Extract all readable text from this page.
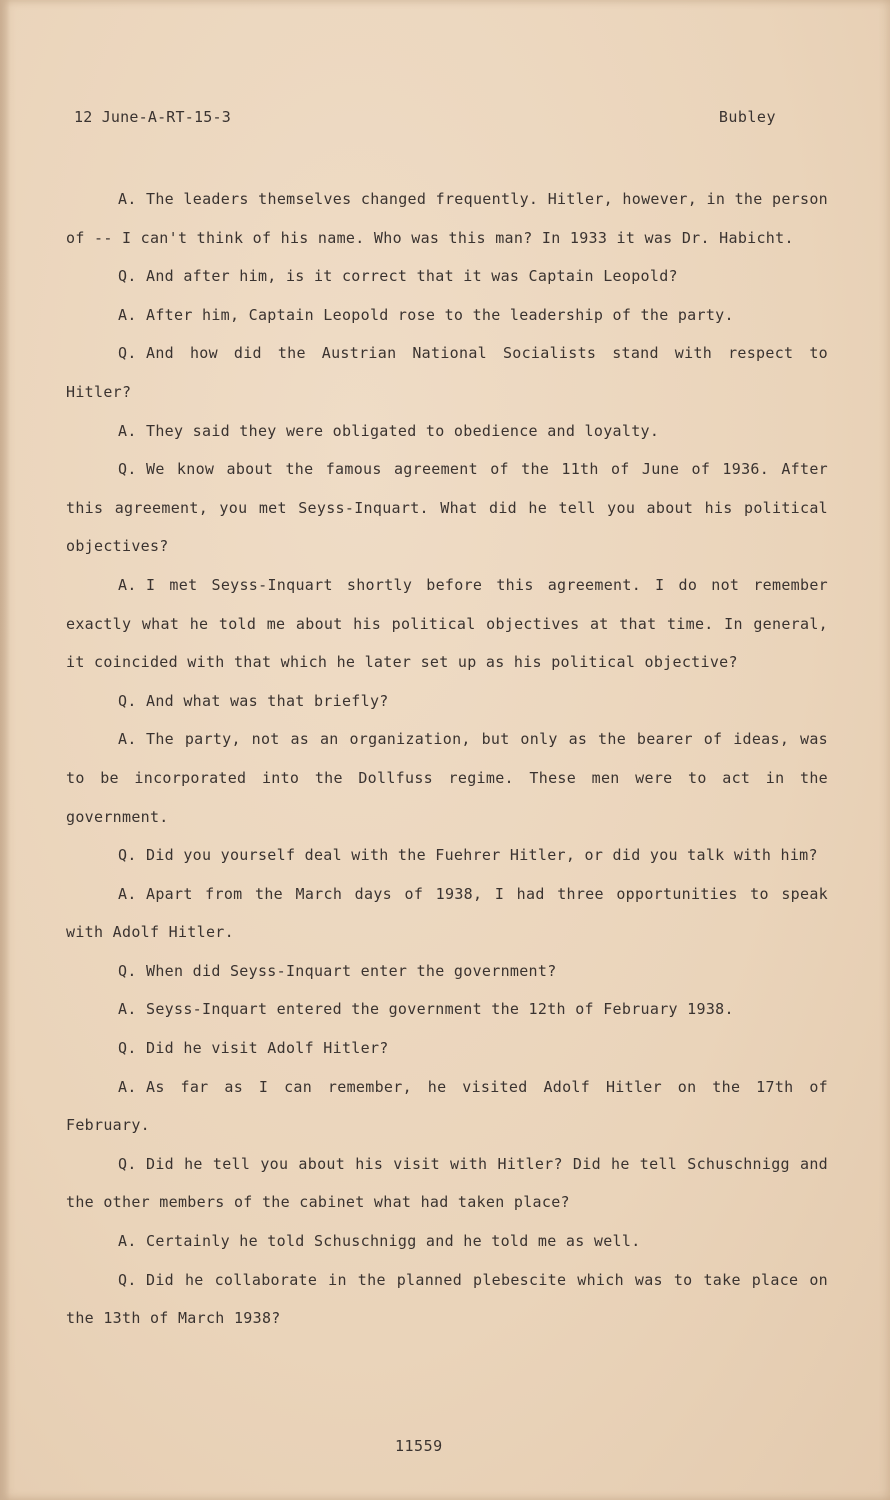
12 June-A-RT-15-3	Bubley

A. The leaders themselves changed frequently. Hitler, however, in the person of -- I can't think of his name. Who was this man? In 1933 it was Dr. Habicht.

Q. And after him, is it correct that it was Captain Leopold?

A. After him, Captain Leopold rose to the leadership of the party.

Q. And how did the Austrian National Socialists stand with respect to Hitler?

A. They said they were obligated to obedience and loyalty.

Q. We know about the famous agreement of the 11th of June of 1936. After this agreement, you met Seyss-Inquart. What did he tell you about his political objectives?

A. I met Seyss-Inquart shortly before this agreement. I do not remember exactly what he told me about his political objectives at that time. In general, it coincided with that which he later set up as his political objective?

Q. And what was that briefly?

A. The party, not as an organization, but only as the bearer of ideas, was to be incorporated into the Dollfuss regime. These men were to act in the government.

Q. Did you yourself deal with the Fuehrer Hitler, or did you talk with him?

A. Apart from the March days of 1938, I had three opportunities to speak with Adolf Hitler.

Q. When did Seyss-Inquart enter the government?

A. Seyss-Inquart entered the government the 12th of February 1938.

Q. Did he visit Adolf Hitler?

A. As far as I can remember, he visited Adolf Hitler on the 17th of February.

Q. Did he tell you about his visit with Hitler? Did he tell Schuschnigg and the other members of the cabinet what had taken place?

A. Certainly he told Schuschnigg and he told me as well.

Q. Did he collaborate in the planned plebescite which was to take place on the 13th of March 1938?

11559
